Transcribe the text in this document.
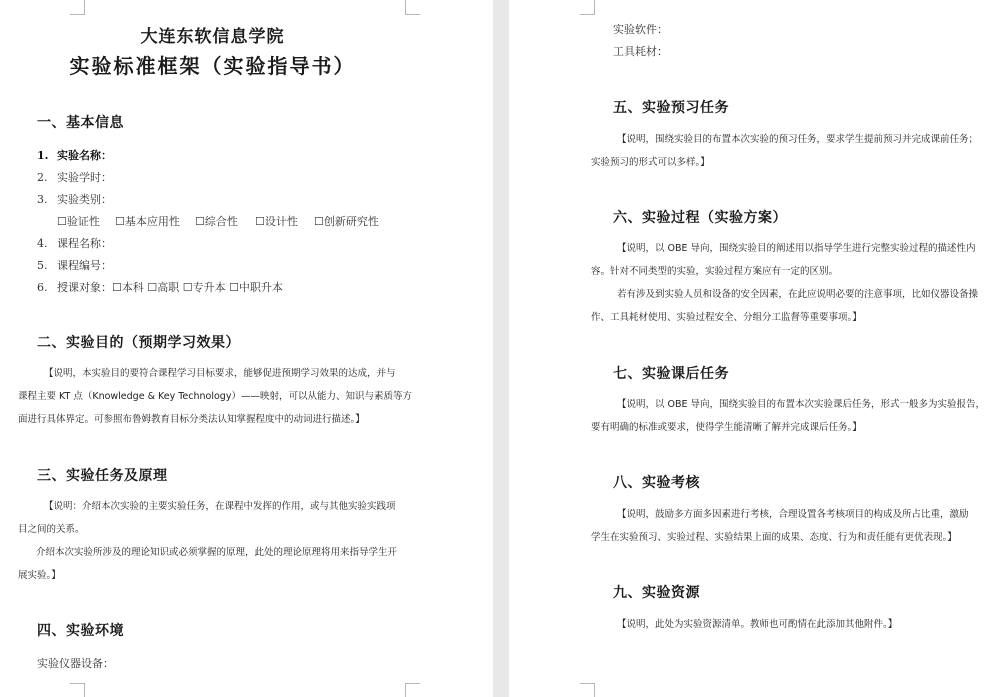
大连东软信息学院
实验标准框架（实验指导书）
一、基本信息
1. 实验名称：
2. 实验学时：
3. 实验类别：
☐验证性 ☐基本应用性 ☐综合性 ☐设计性 ☐创新研究性
4. 课程名称：
5. 课程编号：
6. 授课对象：☐本科 ☐高职 ☐专升本 ☐中职升本
二、实验目的（预期学习效果）
【说明，本实验目的要符合课程学习目标要求，能够促进预期学习效果的达成，并与
课程主要 KT 点（Knowledge & Key Technology）——映射，可以从能力、知识与素质等方
面进行具体界定。可参照布鲁姆教育目标分类法认知掌握程度中的动词进行描述。】
三、实验任务及原理
【说明：介绍本次实验的主要实验任务，在课程中发挥的作用，或与其他实验实践项
目之间的关系。
介绍本次实验所涉及的理论知识或必须掌握的原理，此处的理论原理将用来指导学生开
展实验。】
四、实验环境
实验仪器设备：
实验软件：
工具耗材：
五、实验预习任务
【说明，围绕实验目的布置本次实验的预习任务，要求学生提前预习并完成课前任务；
实验预习的形式可以多样。】
六、实验过程（实验方案）
【说明，以 OBE 导向，围绕实验目的阐述用以指导学生进行完整实验过程的描述性内
容。针对不同类型的实验，实验过程方案应有一定的区别。
若有涉及到实验人员和设备的安全因素，在此应说明必要的注意事项，比如仪器设备操
作、工具耗材使用、实验过程安全、分组分工监督等重要事项。】
七、实验课后任务
【说明，以 OBE 导向，围绕实验目的布置本次实验课后任务，形式一般多为实验报告，
要有明确的标准或要求，使得学生能清晰了解并完成课后任务。】
八、实验考核
【说明，鼓励多方面多因素进行考核，合理设置各考核项目的构成及所占比重，激励
学生在实验预习、实验过程、实验结果上面的成果、态度、行为和责任能有更优表现。】
九、实验资源
【说明，此处为实验资源清单。教师也可酌情在此添加其他附件。】
